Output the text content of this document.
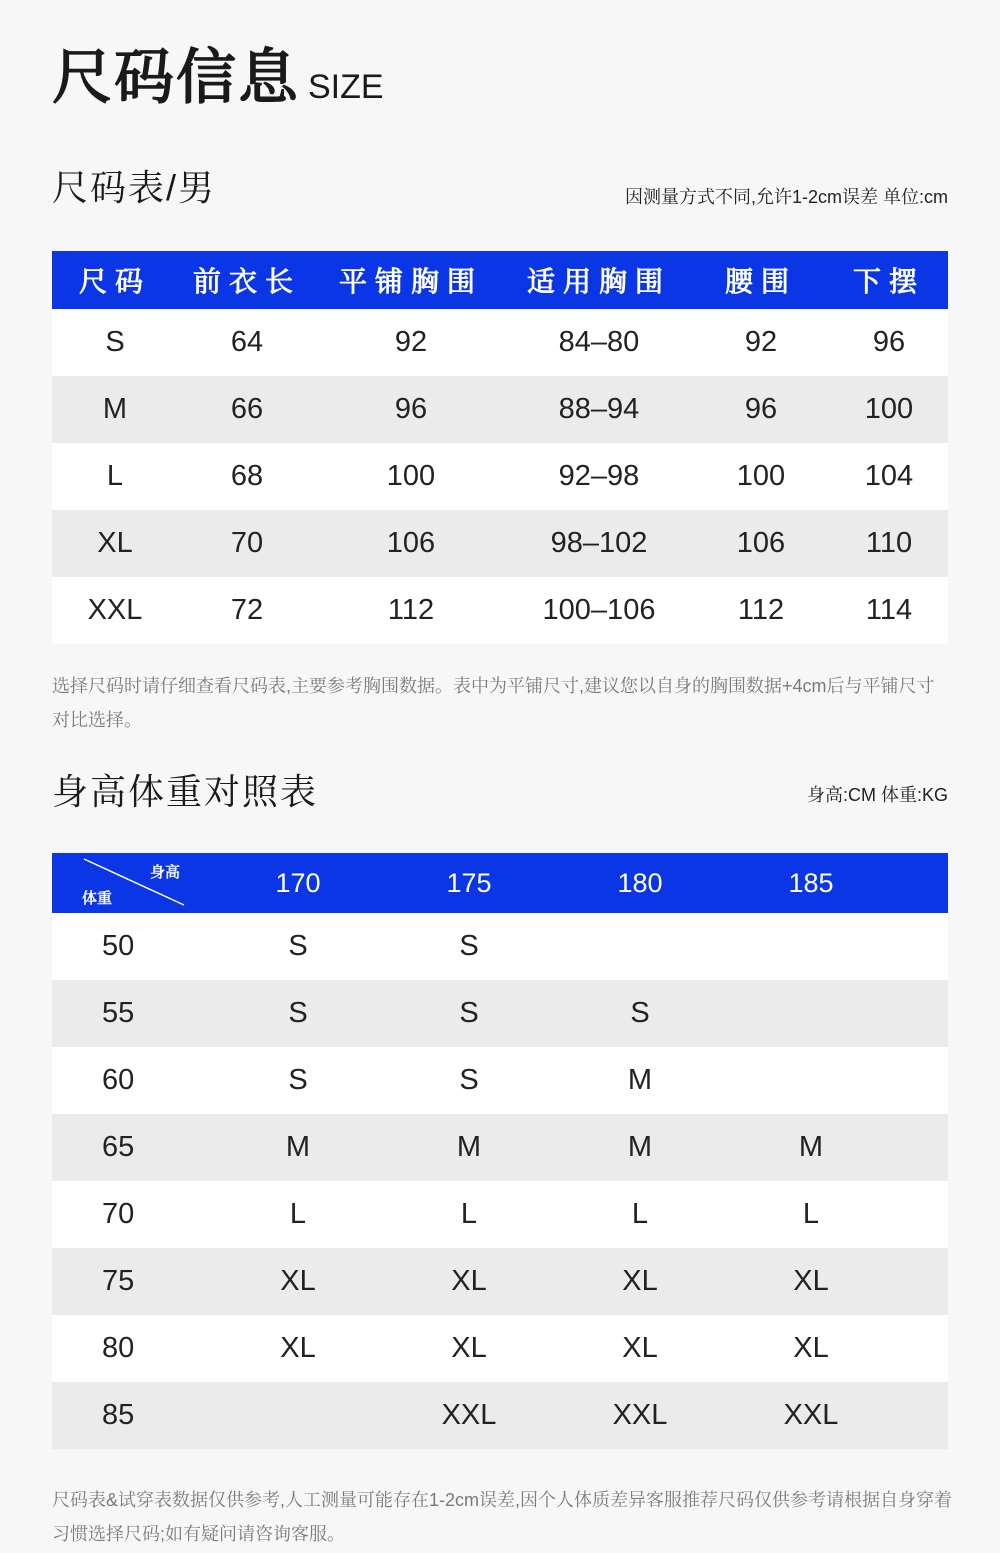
尺码信息 SIZE
尺码表/男	因测量方式不同,允许1-2cm误差 单位:cm
尺码	前衣长	平铺胸围	适用胸围	腰围	下摆
S	64	92	84–80	92	96
M	66	96	88–94	96	100
L	68	100	92–98	100	104
XL	70	106	98–102	106	110
XXL	72	112	100–106	112	114
选择尺码时请仔细查看尺码表,主要参考胸围数据。表中为平铺尺寸,建议您以自身的胸围数据+4cm后与平铺尺寸对比选择。
身高体重对照表	身高:CM 体重:KG
身高
体重	170	175	180	185	
50	S	S			
55	S	S	S		
60	S	S	M		
65	M	M	M	M	
70	L	L	L	L	
75	XL	XL	XL	XL	
80	XL	XL	XL	XL	
85		XXL	XXL	XXL	
尺码表&试穿表数据仅供参考,人工测量可能存在1-2cm误差,因个人体质差异客服推荐尺码仅供参考请根据自身穿着习惯选择尺码;如有疑问请咨询客服。
